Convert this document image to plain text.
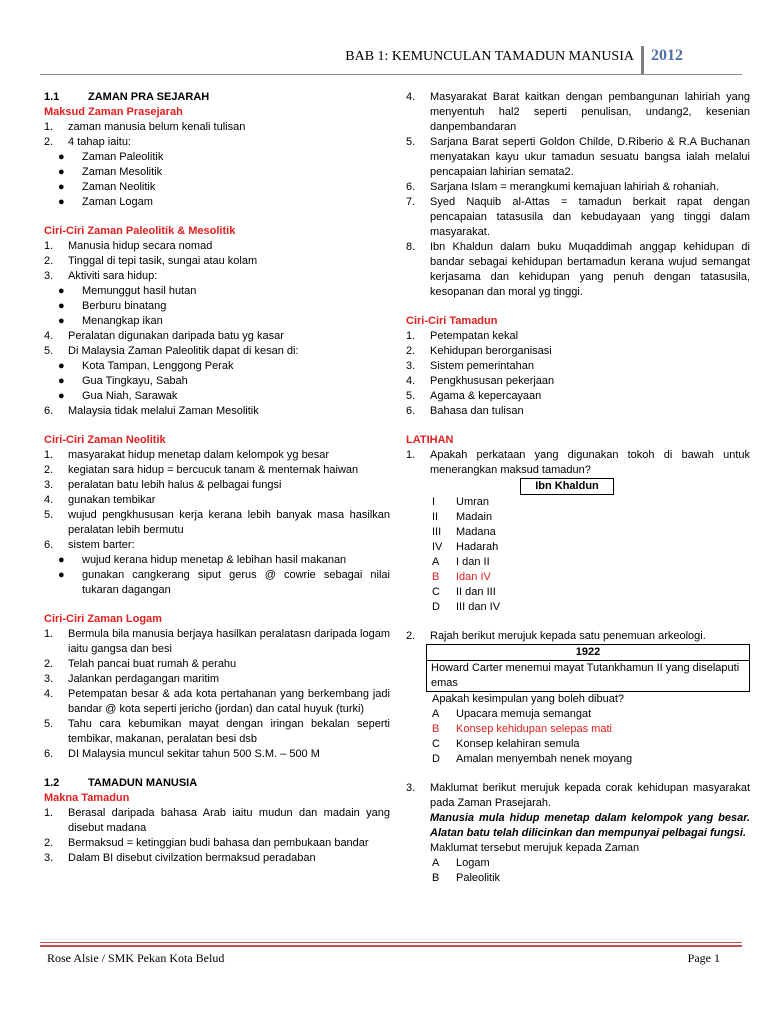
BAB 1: KEMUNCULAN TAMADUN MANUSIA 2012
1.1	ZAMAN PRA SEJARAH

Maksud Zaman Prasejarah

1.	zaman manusia belum kenali tulisan
2.	4 tahap iaitu:
●	Zaman Paleolitik
●	Zaman Mesolitik
●	Zaman Neolitik
●	Zaman Logam

Ciri-Ciri Zaman Paleolitik & Mesolitik

1.	Manusia hidup secara nomad
2.	Tinggal di tepi tasik, sungai atau kolam
3.	Aktiviti sara hidup:
●	Memunggut hasil hutan
●	Berburu binatang
●	Menangkap ikan
4.	Peralatan digunakan daripada batu yg kasar
5.	Di Malaysia Zaman Paleolitik dapat di kesan di:
●	Kota Tampan, Lenggong Perak
●	Gua Tingkayu, Sabah
●	Gua Niah, Sarawak
6.	Malaysia tidak melalui Zaman Mesolitik

Ciri-Ciri Zaman Neolitik

1.	masyarakat hidup menetap dalam kelompok yg besar
2.	kegiatan sara hidup = bercucuk tanam & menternak haiwan
3.	peralatan batu lebih halus & pelbagai fungsi
4.	gunakan tembikar
5.	wujud pengkhususan kerja kerana lebih banyak masa hasilkan peralatan lebih bermutu
6.	sistem barter:
●	wujud kerana hidup menetap & lebihan hasil makanan
●	gunakan cangkerang siput gerus @ cowrie sebagai nilai tukaran dagangan

Ciri-Ciri Zaman Logam

1.	Bermula bila manusia berjaya hasilkan peralatasn daripada logam iaitu gangsa dan besi
2.	Telah pancai buat rumah & perahu
3.	Jalankan perdagangan maritim
4.	Petempatan besar & ada kota pertahanan yang berkembang jadi bandar @ kota seperti jericho (jordan) dan catal huyuk (turki)
5.	Tahu cara kebumikan mayat dengan iringan bekalan seperti tembikar, makanan, peralatan besi dsb
6.	DI Malaysia muncul sekitar tahun 500 S.M. – 500 M
1.2	TAMADUN MANUSIA

Makna Tamadun

1.	Berasal daripada bahasa Arab iaitu mudun dan madain yang disebut madana
2.	Bermaksud = ketinggian budi bahasa dan pembukaan bandar
3.	Dalam BI disebut civilzation bermaksud peradaban
4.	Masyarakat Barat kaitkan dengan pembangunan lahiriah yang menyentuh hal2 seperti penulisan, undang2, kesenian danpembandaran
5.	Sarjana Barat seperti Goldon Childe, D.Riberio & R.A Buchanan menyatakan kayu ukur tamadun sesuatu bangsa ialah melalui pencapaian lahirian semata2.
6.	Sarjana Islam = merangkumi kemajuan lahiriah & rohaniah.
7.	Syed Naquib al-Attas = tamadun berkait rapat dengan pencapaian tatasusila dan kebudayaan yang tinggi dalam masyarakat.
8.	Ibn Khaldun dalam buku Muqaddimah anggap kehidupan di bandar sebagai kehidupan bertamadun kerana wujud semangat kerjasama dan kehidupan yang penuh dengan tatasusila, kesopanan dan moral yg tinggi.

Ciri-Ciri Tamadun

1.	Petempatan kekal
2.	Kehidupan berorganisasi
3.	Sistem pemerintahan
4.	Pengkhususan pekerjaan
5.	Agama & kepercayaan
6.	Bahasa dan tulisan

LATIHAN

1.	Apakah perkataan yang digunakan tokoh di bawah untuk menerangkan maksud tamadun?
Ibn Khaldun
I	Umran
II	Madain
III	Madana
IV	Hadarah
A	I dan II
B	Idan IV
C	II dan III
D	III dan IV
2.	Rajah berikut merujuk kepada satu penemuan arkeologi.
1922
Howard Carter menemui mayat Tutankhamun II yang diselaputi emas
Apakah kesimpulan yang boleh dibuat?
A	Upacara memuja semangat
B	Konsep kehidupan selepas mati
C	Konsep kelahiran semula
D	Amalan menyembah nenek moyang
3.	Maklumat berikut merujuk kepada corak kehidupan masyarakat pada Zaman Prasejarah.
Manusia mula hidup menetap dalam kelompok yang besar. Alatan batu telah dilicinkan dan mempunyai pelbagai fungsi.
Maklumat tersebut merujuk kepada Zaman
A	Logam
B	Paleolitik
Rose Alsie / SMK Pekan Kota Belud	Page 1
